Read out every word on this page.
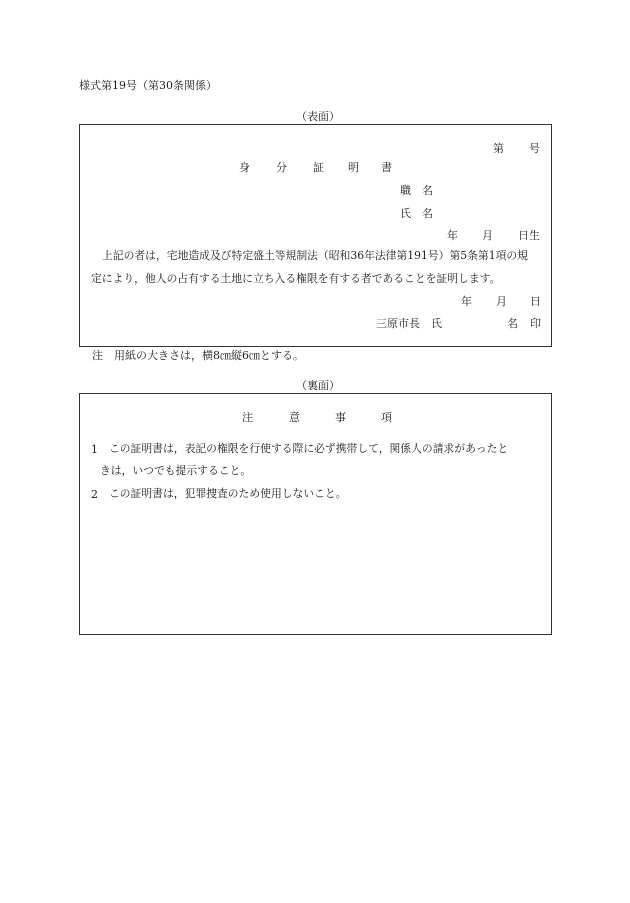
様式第19号（第30条関係）
（表面）
第 号
身 分 証 明 書
職 名
氏 名
年 月 日生
上記の者は，宅地造成及び特定盛土等規制法（昭和36年法律第191号）第5条第1項の規
定により，他人の占有する土地に立ち入る権限を有する者であることを証明します。
年 月 日
三原市長　氏	名 印
注　用紙の大きさは，横8㎝縦6㎝とする。
（裏面）
注	意	事	項
1 この証明書は，表記の権限を行使する際に必ず携帯して，関係人の請求があったと
きは，いつでも提示すること。
2 この証明書は，犯罪捜査のため使用しないこと。
